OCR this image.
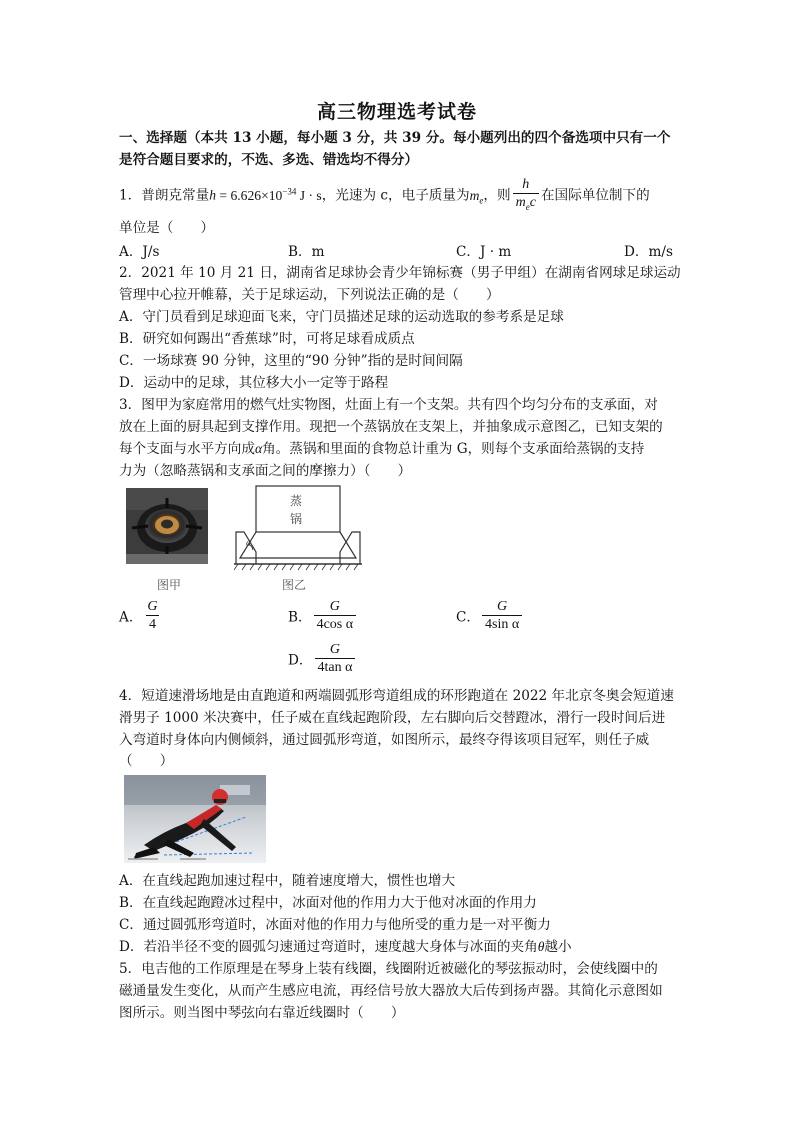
高三物理选考试卷
一、选择题（本共 13 小题，每小题 3 分，共 39 分。每小题列出的四个备选项中只有一个
是符合题目要求的，不选、多选、错选均不得分）
1．普朗克常量$h = 6.626\times 10^{-34}$ J · s，光速为 c，电子质量为$m_e$，则 $\frac{h}{m_ec}$ 在国际单位制下的
单位是（　　）
A．J/s	B．m	C．J · m	D．m/s
2．2021 年 10 月 21 日，湖南省足球协会青少年锦标赛（男子甲组）在湖南省网球足球运动
管理中心拉开帷幕，关于足球运动，下列说法正确的是（　　）
A．守门员看到足球迎面飞来，守门员描述足球的运动选取的参考系是足球
B．研究如何踢出“香蕉球”时，可将足球看成质点
C．一场球赛 90 分钟，这里的“90 分钟”指的是时间间隔
D．运动中的足球，其位移大小一定等于路程
3．图甲为家庭常用的燃气灶实物图，灶面上有一个支架。共有四个均匀分布的支承面，对
放在上面的厨具起到支撑作用。现把一个蒸锅放在支架上，并抽象成示意图乙，已知支架的
每个支面与水平方向成α角。蒸锅和里面的食物总计重为 G，则每个支承面给蒸锅的支持
力为（忽略蒸锅和支承面之间的摩擦力）（　　）
图甲
蒸
锅
α
图乙
A． $\frac{G}{4}$	B． $\frac{G}{\text{4cos α}}$	C． $\frac{G}{\text{4sin α}}$
D． $\frac{G}{\text{4tan α}}$
4．短道速滑场地是由直跑道和两端圆弧形弯道组成的环形跑道在 2022 年北京冬奥会短道速
滑男子 1000 米决赛中，任子威在直线起跑阶段，左右脚向后交替蹬冰，滑行一段时间后进
入弯道时身体向内侧倾斜，通过圆弧形弯道，如图所示，最终夺得该项目冠军，则任子威
（　　）
A．在直线起跑加速过程中，随着速度增大，惯性也增大
B．在直线起跑蹬冰过程中，冰面对他的作用力大于他对冰面的作用力
C．通过圆弧形弯道时，冰面对他的作用力与他所受的重力是一对平衡力
D．若沿半径不变的圆弧匀速通过弯道时，速度越大身体与冰面的夹角θ越小
5．电吉他的工作原理是在琴身上装有线圈，线圈附近被磁化的琴弦振动时，会使线圈中的
磁通量发生变化，从而产生感应电流，再经信号放大器放大后传到扬声器。其简化示意图如
图所示。则当图中琴弦向右靠近线圈时（　　）
